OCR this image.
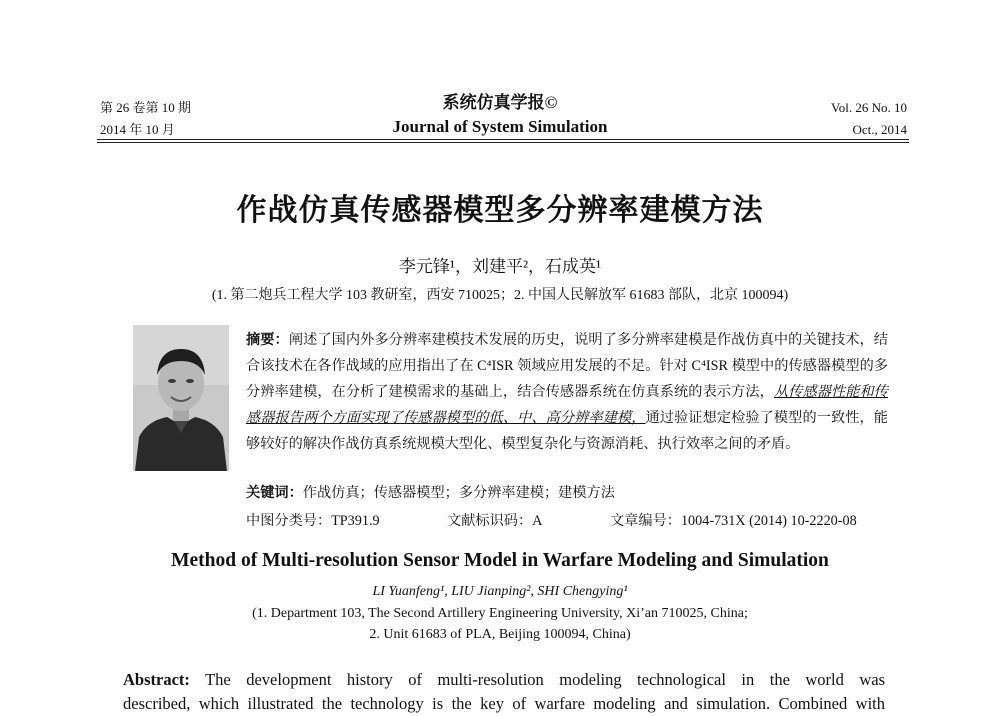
第 26 卷第 10 期
2014 年 10 月
系统仿真学报©
Journal of System Simulation
Vol. 26 No. 10
Oct., 2014
作战仿真传感器模型多分辨率建模方法
李元锋¹，刘建平²，石成英¹
(1. 第二炮兵工程大学 103 教研室，西安 710025；2. 中国人民解放军 61683 部队，北京 100094)
摘要：阐述了国内外多分辨率建模技术发展的历史，说明了多分辨率建模是作战仿真中的关键技术，结合该技术在各作战域的应用指出了在 C⁴ISR 领域应用发展的不足。针对 C⁴ISR 模型中的传感器模型的多分辨率建模，在分析了建模需求的基础上，结合传感器系统在仿真系统的表示方法，从传感器性能和传感器报告两个方面实现了传感器模型的低、中、高分辨率建模，通过验证想定检验了模型的一致性，能够较好的解决作战仿真系统规模大型化、模型复杂化与资源消耗、执行效率之间的矛盾。
关键词：作战仿真；传感器模型；多分辨率建模；建模方法
中图分类号：TP391.9	文献标识码：A	文章编号：1004-731X (2014) 10-2220-08
Method of Multi-resolution Sensor Model in Warfare Modeling and Simulation
LI Yuanfeng¹, LIU Jianping², SHI Chengying¹
(1. Department 103, The Second Artillery Engineering University, Xi’an 710025, China;
2. Unit 61683 of PLA, Beijing 100094, China)
Abstract: The development history of multi-resolution modeling technological in the world was
described, which illustrated the technology is the key of warfare modeling and simulation. Combined with
